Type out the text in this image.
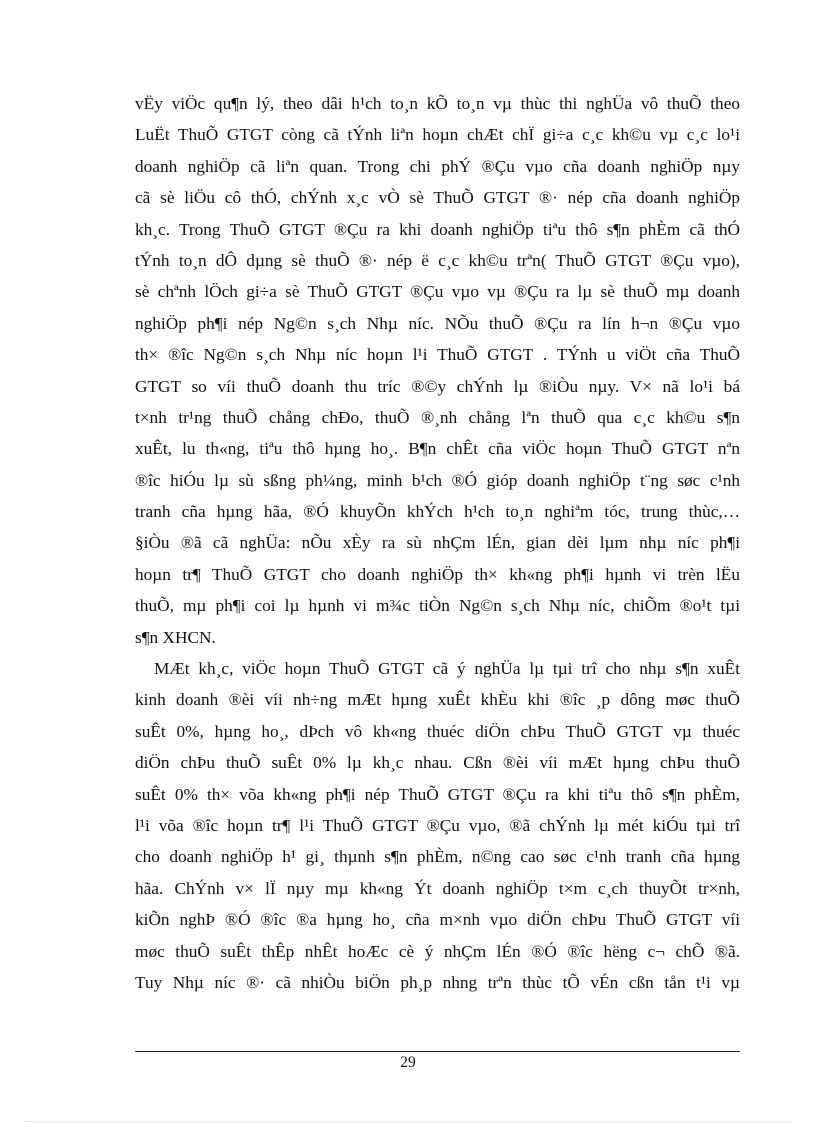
vËy viÖc qu¶n lý, theo dâi h¹ch to¸n kÕ to¸n vµ thùc thi nghÜa vô thuÕ theo
LuËt ThuÕ GTGT còng cã tÝnh liªn hoµn chÆt chÏ gi÷a c¸c kh©u vµ c¸c lo¹i
doanh nghiÖp cã liªn quan. Trong chi phÝ ®Çu vµo cña doanh nghiÖp nµy
cã sè liÖu cô thÓ, chÝnh x¸c vÒ sè ThuÕ GTGT ®· nép cña doanh nghiÖp
kh¸c. Trong ThuÕ GTGT ®Çu ra khi doanh nghiÖp tiªu thô s¶n phÈm cã thÓ
tÝnh to¸n dÔ dµng sè thuÕ ®· nép ë c¸c kh©u trªn( ThuÕ GTGT ®Çu vµo),
sè chªnh lÖch gi÷a sè ThuÕ GTGT ®Çu vµo vµ ®Çu ra lµ sè thuÕ mµ doanh
nghiÖp ph¶i nép Ng©n s¸ch Nhµ níc. NÕu thuÕ ®Çu ra lín h¬n ®Çu vµo
th× ®îc Ng©n s¸ch Nhµ níc hoµn l¹i ThuÕ GTGT . TÝnh u viÖt cña ThuÕ
GTGT so víi thuÕ doanh thu tríc ®©y chÝnh lµ ®iÒu nµy. V× nã lo¹i bá
t×nh tr¹ng thuÕ chång chÐo, thuÕ ®¸nh chång lªn thuÕ qua c¸c kh©u s¶n
xuÊt, lu th«ng, tiªu thô hµng ho¸. B¶n chÊt cña viÖc hoµn ThuÕ GTGT nªn
®îc hiÓu lµ sù sßng ph¼ng, minh b¹ch ®Ó gióp doanh nghiÖp t¨ng søc c¹nh
tranh cña hµng hãa, ®Ó khuyÕn khÝch h¹ch to¸n nghiªm tóc, trung thùc,…
§iÒu ®ã cã nghÜa: nÕu xÈy ra sù nhÇm lÉn, gian dèi lµm nhµ níc ph¶i
hoµn tr¶ ThuÕ GTGT cho doanh nghiÖp th× kh«ng ph¶i hµnh vi trèn lËu
thuÕ, mµ ph¶i coi lµ hµnh vi m¾c tiÒn Ng©n s¸ch Nhµ níc, chiÕm ®o¹t tµi
s¶n XHCN.
MÆt kh¸c, viÖc hoµn ThuÕ GTGT cã ý nghÜa lµ tµi trî cho nhµ s¶n xuÊt
kinh doanh ®èi víi nh÷ng mÆt hµng xuÊt khÈu khi ®îc ¸p dông møc thuÕ
suÊt 0%, hµng ho¸, dÞch vô kh«ng thuéc diÖn chÞu ThuÕ GTGT vµ thuéc
diÖn chÞu thuÕ suÊt 0% lµ kh¸c nhau. Cßn ®èi víi mÆt hµng chÞu thuÕ
suÊt 0% th× võa kh«ng ph¶i nép ThuÕ GTGT ®Çu ra khi tiªu thô s¶n phÈm,
l¹i võa ®îc hoµn tr¶ l¹i ThuÕ GTGT ®Çu vµo, ®ã chÝnh lµ mét kiÓu tµi trî
cho doanh nghiÖp h¹ gi¸ thµnh s¶n phÈm, n©ng cao søc c¹nh tranh cña hµng
hãa. ChÝnh v× lÏ nµy mµ kh«ng Ýt doanh nghiÖp t×m c¸ch thuyÕt tr×nh,
kiÕn nghÞ ®Ó ®îc ®a hµng ho¸ cña m×nh vµo diÖn chÞu ThuÕ GTGT víi
møc thuÕ suÊt thÊp nhÊt hoÆc cè ý nhÇm lÉn ®Ó ®îc hëng c¬ chÕ ®ã.
Tuy Nhµ níc ®· cã nhiÒu biÖn ph¸p nhng trªn thùc tÕ vÉn cßn tån t¹i vµ
29
